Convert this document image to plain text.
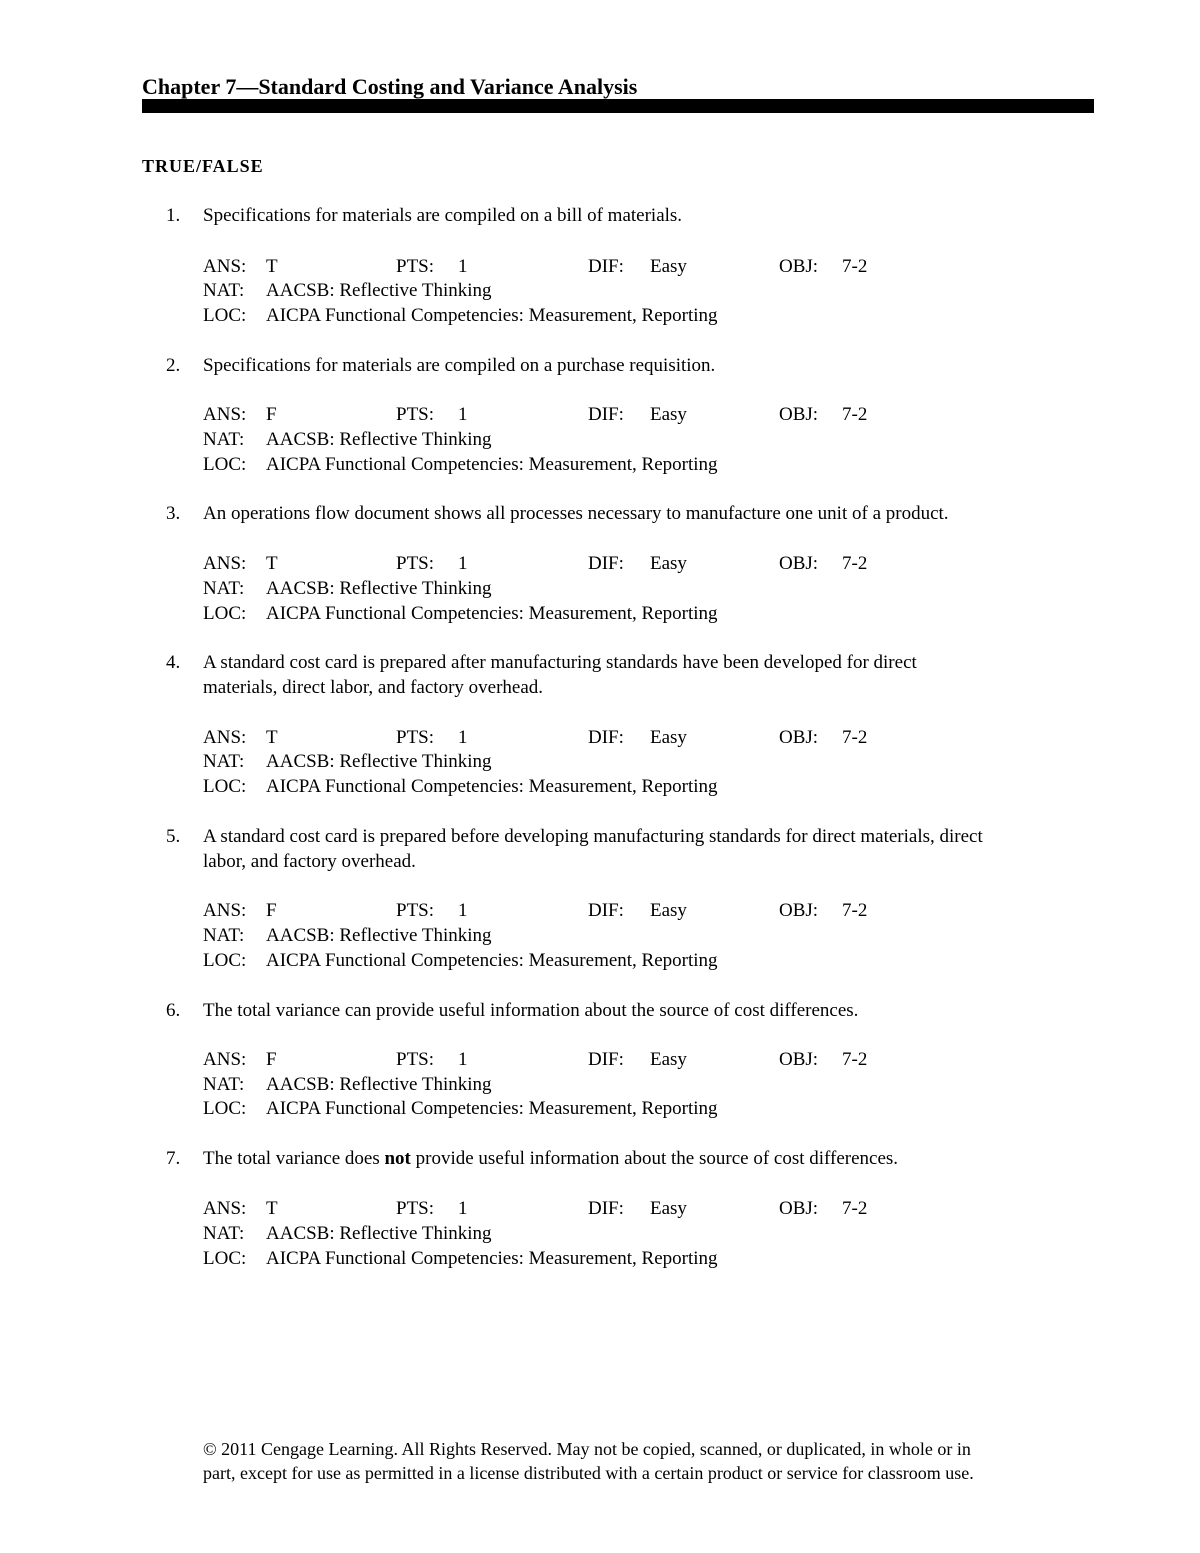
Chapter 7—Standard Costing and Variance Analysis
TRUE/FALSE
1.	Specifications for materials are compiled on a bill of materials.
ANS: T	PTS: 1	DIF: Easy	OBJ: 7-2
NAT: AACSB: Reflective Thinking
LOC: AICPA Functional Competencies: Measurement, Reporting
2.	Specifications for materials are compiled on a purchase requisition.
ANS: F	PTS: 1	DIF: Easy	OBJ: 7-2
NAT: AACSB: Reflective Thinking
LOC: AICPA Functional Competencies: Measurement, Reporting
3.	An operations flow document shows all processes necessary to manufacture one unit of a product.
ANS: T	PTS: 1	DIF: Easy	OBJ: 7-2
NAT: AACSB: Reflective Thinking
LOC: AICPA Functional Competencies: Measurement, Reporting
4.	A standard cost card is prepared after manufacturing standards have been developed for direct
materials, direct labor, and factory overhead.
ANS: T	PTS: 1	DIF: Easy	OBJ: 7-2
NAT: AACSB: Reflective Thinking
LOC: AICPA Functional Competencies: Measurement, Reporting
5.	A standard cost card is prepared before developing manufacturing standards for direct materials, direct
labor, and factory overhead.
ANS: F	PTS: 1	DIF: Easy	OBJ: 7-2
NAT: AACSB: Reflective Thinking
LOC: AICPA Functional Competencies: Measurement, Reporting
6.	The total variance can provide useful information about the source of cost differences.
ANS: F	PTS: 1	DIF: Easy	OBJ: 7-2
NAT: AACSB: Reflective Thinking
LOC: AICPA Functional Competencies: Measurement, Reporting
7.	The total variance does not provide useful information about the source of cost differences.
ANS: T	PTS: 1	DIF: Easy	OBJ: 7-2
NAT: AACSB: Reflective Thinking
LOC: AICPA Functional Competencies: Measurement, Reporting
© 2011 Cengage Learning. All Rights Reserved. May not be copied, scanned, or duplicated, in whole or in
part, except for use as permitted in a license distributed with a certain product or service for classroom use.
